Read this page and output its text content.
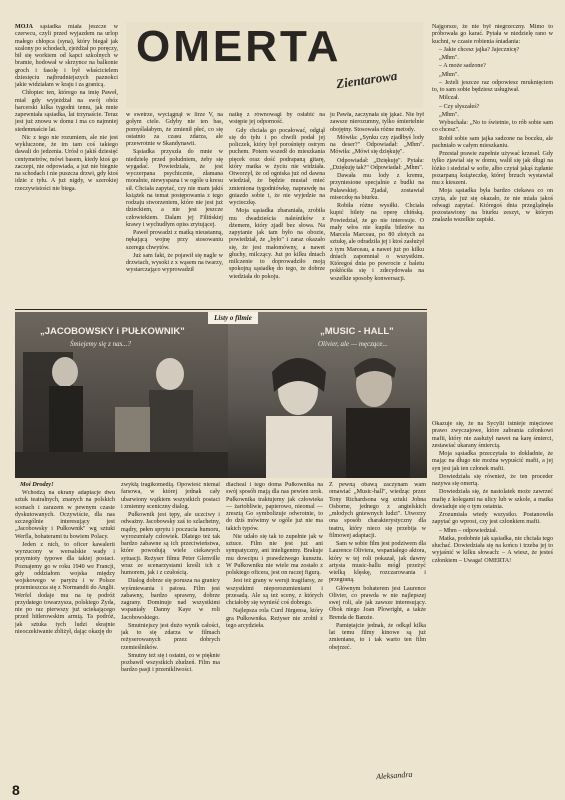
OMERTA
Zientarowa

MOJA sąsiadka miała jeszcze w czerwcu, czyli przed wyjazdem na urlop małego chłopca (syna), który biegał jak szalony po schodach, zjeżdżał po poręczy, bił się workiem od kapci szkolnych w bramie, hodował w skrzynce na balkonie groch i fasolę i był właścicielem dziesięciu najbrudniejszych paznokci jakie widziałam w kraju i za granicą.

Chłopiec ten, którego na imię Paweł, miał gdy wyjeżdżał na swój obóz harcerski kilka tygodni temu, jak mnie zapewniała sąsiadka, lat trzynaście. Teraz jest już znowu w domu i ma co najmniej siedemnaście lat.

Nic z tego nie rozumiem, ale nie jest wykluczone, że im tam coś takiego dawali do jedzenia. Urósł o jakiś dziesięć centymetrów, mówi basem, kiedy ktoś go zaczepi, nie odpowiada, a już nie biegnie na schodach i nie puszcza drzwi, gdy ktoś idzie z tyłu. A już nigdy, w szerokiej rzeczywistości nie biega.

w swetrze, wyciągnął w lirze V, na gołym ciele. Gdyby nie ten bas, pomyślałabym, że zmienił płeć, co się ostatnio za czasu zdarza, ale przewrotnie w Skandynawii.

Sąsiadka przyszła do mnie w niedzielę przed południem, żeby się wygadać. Powiedziała, że jest wyczerpana psychicznie, złamana moralnie, niewyspana i w ogóle u kresu sił. Chciała zapytać, czy nie mam jakiś książek na temat postępowania z tego rodzaju stworzeniem, które nie jest już dzieckiem, a nie jest jeszcze człowiekiem. Dalam jej Filińskiej krawy i wychudłym opiss zrytującej.

Paweł prowadzi z matką nieustanną, nękającą wojnę przy stosowaniu szeregu chwytów.

Już sam fakt, że pojawił się nagle w drzwiach, wysoki z x wąsem na twarzy, wystarczająco wyprowadził

natkę z równowagi by osłabić na wstępie jej odporność.

Gdy chciała go pocałować, odgiął się do tyłu i po chwili podał jej policzek, który był porośnięty ostrym puchem. Potem wszedł do mieszkania pięcek oraz dość podrapaną gitarę, który matka w życiu nie widziała. Otworzył, że od ogniska już od dawna wiedział, że będzie musiał mieć zmieniona tygodniówkę, naprawdę na gniazdo sobie i, że nie wyjedzie na wycieczkę.

Moja sąsiadka zbaraniała, zrobiła mu dwadzieścia naleśników z dżemem, który zjadł bez słowa. Na zapytanie jak tam było na obozie, powiedział, że „było" i zaraz okazało się, że jest małomówny, a nawet głuchy, milczący. Już po kilku dniach milczenie to doprowadziło moją spokojną sąsiadkę do tego, że dobrze wiedziała do pokoju.

ju Pawła, zaczynała się jąkać. Nie był zawsze nierozumny, tylko śmiertelnie obojętny. Stosowała różne metody.

Mówiła: „Synku czy zjadłbyś lody na deser?" Odpowiadał: „Mhm". Mówiła: „Mówi się dziękuję".

Odpowiadał: „Dziękuję". Pytała: „Dziękuję tak?" Odpowiadał: „Mhm".

Dawała mu lody z kremu, przyniesione specjalnie z budki na Puławskiej. Zjadał, zostawiał miseczkę na biurku.

Robiła różne wysiłki. Chciała kupić bilety na operę chińską. Powiedział, że go nie interesuje. O mały włos nie kupiła biletów na Marcela Marceau, po 80 złotych za sztukę, ale odradziła jej i ktoś zasłużył z tym Marceau, a nawet już po kilku dniach zapomniał o wszystkim. Któregoś dnia po powrocie z baletu pokłóciła się i zdecydowała na wszelkie sposoby konwersacji.

Najgorsze, że nie był niegrzeczny. Mimo to próbowała go karać. Pytała w niedzielę rano w kuchni, w czasie robienia śniadania:

– Jakie chcesz jajka? Jajecznicę?

„Mhm".

– A może sadzone?

„Mhm".

– Jeżeli jeszcze raz odpowiesz mruknięciem to, to sam sobie będziesz usługiwał.

Milczał.

– Czy słyszałeś?

„Mhm".

Wybuchała: „No to świetnie, to rób sobie sam co chcesz".

Robił sobie sam jajka sadzone na boczku, ale pachniało w całym mieszkaniu.

Przestał prawie zupełnie używać krzeseł. Gdy tylko zjawiał się w domu, walił się jak długi na łóżko i siedział w sofie, albo czytał jakąś żądanie pozarpaną książeczkę, której brzuch wystawiał mu z kieszeni.

Moja sąsiadka była bardzo ciekawa co on czyta, ale już się okazało, że nie miała jakoś odwagi zapytać. Któregoś dnia przeglądnęła pozostawiony na biurku zeszyt, w którym znalazła wszelkie zapiski.

Okazuje się, że na Sycylii istnieje mięciowe prawo zwyczajowe, które zabrania członkowi mafii, który nie zasłużył nawet na karę śmierci, zestawiać ukarany śmiercią.

Moja sąsiadka przeczytała to dokładnie, że mając na długo nie można wypuścić mafii, a jej syn jest jak ten członek mafii.

Dowiedziała się również, że ten proceder nazywa się omertą.

Dowiedziała się, że nastolatek może zawrzeć mafię z kolegami na ulicy lub w szkole, a matka dowiaduje się o tym ostatnia.

Zrozumiała wtedy wszystko. Postanowiła zapytać go wprost, czy jest członkiem mafii.

– Mhm – odpowiedział.

Matka, podobnie jak sąsiadka, nie chciała tego słuchać. Dowiedziała się na końcu i trzeba jej to wyjaśnić w kilku słowach: – A wiesz, że jesteś członkiem – Uwaga! OMERTA!

Listy o filmie
„JACOBOWSKY i PUŁKOWNIK"
Śmiejemy się z nas...?
„MUSIC - HALL"
Olivier, ale — męczące...
Moi Drodzy!

Wchodzą na ekrany adaptacje dwu sztuk teatralnych, znanych na polskich scenach i zarazem w pewnym czasie dyskutowanych. Oczywiście, dla nas szczególnie interesujący jest „Jacobowsky i Pułkownik" wg sztuki Werfla, bohaterami tu bowiem Polacy.

Jeden z nich, to oficer kawalerii wyrzucony w wersalskie wady i przymioty typowe dla takiej postaci. Poznajemy go w roku 1940 we Francji, gdy oddziałom wojska między wojskowego w paryżu i w Polsce przemieszcza się z Normandii do Anglii. Werfel dodaje mu na tę podróż przydatego towarzysza, polskiego Żyda, nie po raz pierwszy już uciekającego przed hitlerowskim armią. Ta podróż, jak sztuka tych ludzi skrajnie nieoczekiwanie zbliżył, dając okazję do

zwykłą tragikomedią. Opowieść niemal farsowa, w której jednak cały ubarwiony wątkiem wszystkich postaci i zmienny sceniczny dialog.

Pułkownik jest tępy, ale uczciwy i odważny. Jacobowsky zaś to szlachetny, mądry, pełen sprytu i poczucia humoru, wyrozumiały człowiek. Dlatego też tak bardzo zabawne są ich przeciwieństwa, które powodują wiele ciekawych sytuacji. Reżyser filmu Peter Glenville wraz ze scenarzystami kreśli ich z humorem, jak i z czułością.

Dialog dobrze się porusza na granicy wyśmiewania i patosu. Film jest zabawny, bardzo sprawny, dobrze zagrany. Dominuje nad wszystkimi wspaniały Danny Kaye w roli Jacobowskiego.

Smutniejszy jest dużo wynik całości, jak to się zdarza w filmach reżyserowanych przez dobrych rzemieślników.

Smutny też się i ostatni, co w pięknie pozbawił wszystkich złudzeń. Film ma bardzo pasji i przenikliwości.

diacheal i tego doma Pułkownika na swój sposób mają dla nas pewien urok. Pułkownika traktujemy jak człowieka — żartobliwie, papierowo, nieomal — zresztą Go symbolizuje odwrotnie, to do dziś mówimy w ogóle już nie ma takich typów.

Nie udało się tak to zupełnie jak w sztuce. Film nie jest już ani sympatyczny, ani inteligentny. Brakuje mu dowcipu i prawdziwego kunsztu. W Pułkowniku nie wiele ma zostało z polskiego oficera, jest on raczej figurą.

Jest też grany w wersji tragifarsy, ze wszystkimi nieporozumieniami i przesadą. Ale są też sceny, z których chciałoby się wynieść coś dobrego.

Najlepsza rola Curd Jürgensa, który gra Pułkownika. Reżyser nie zrobił z tego arcydzieła.

Z pewną obawą zaczynam wam omawiać „Music-hall", wiedząc przez Tony Richardsona wg sztuki Johna Osborne, jednego z angielskich „młodych gniewnych ludzi". Utworzy ona sposób charakterystyczny dla teatru, który nieco się przebija w filmowej adaptacji.

Sam w sobie film jest podziwem dla Laurence Oliviera, wspaniałego aktora, który w tej roli pokazał, jak dawny artysta music-hallu mógł przeżyć wielką klęskę, rozczarowania i przegraną.

Głównym bohaterem jest Laurence Olivier, co prawda w nie najlepszej swej roli, ale jak zawsze interesujący. Obok niego Joan Plowright, a także Brenda de Banzie.

Pamiętajcie jednak, że odkąd kilka lat temu filmy kinowe są już zmieniane, to i tak warto ten film obejrzeć.

Aleksandra
8
